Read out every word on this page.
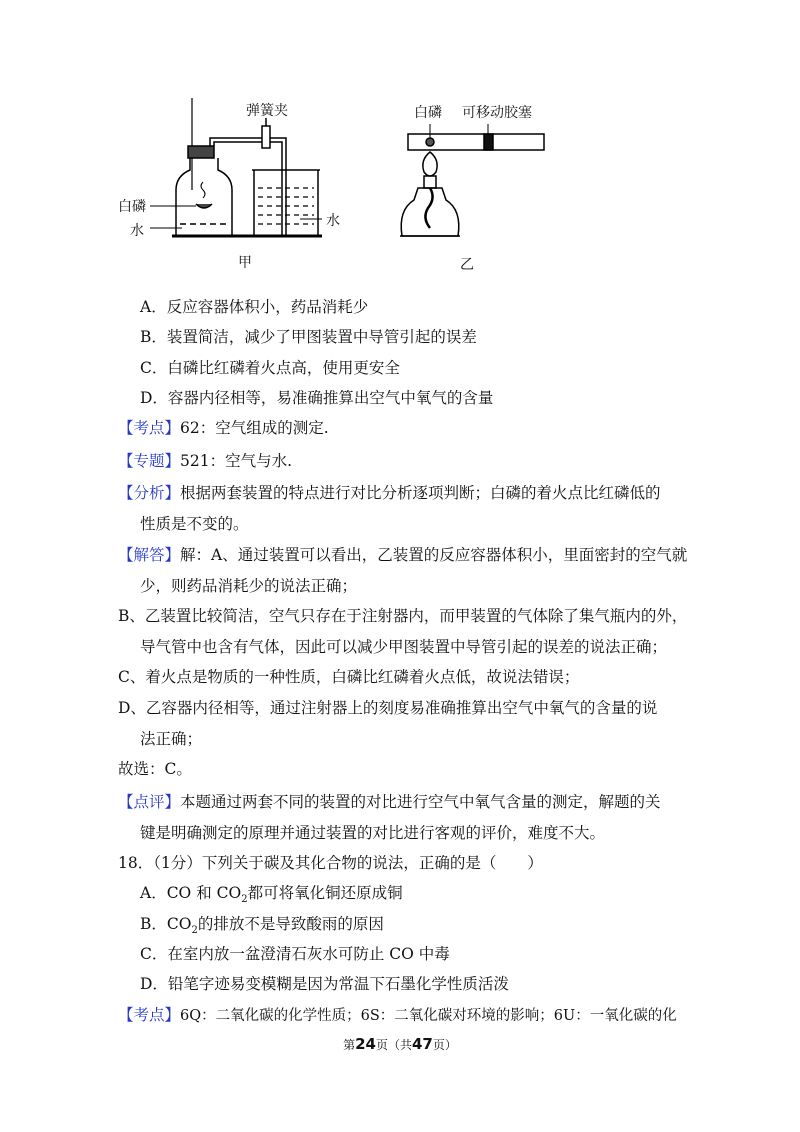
白磷
水
弹簧夹
水
甲
白磷 可移动胶塞
乙
A．反应容器体积小，药品消耗少
B．装置简洁，减少了甲图装置中导管引起的误差
C．白磷比红磷着火点高，使用更安全
D．容器内径相等，易准确推算出空气中氧气的含量
【考点】62：空气组成的测定.
【专题】521：空气与水.
【分析】根据两套装置的特点进行对比分析逐项判断；白磷的着火点比红磷低的
性质是不变的。
【解答】解：A、通过装置可以看出，乙装置的反应容器体积小，里面密封的空气就
少，则药品消耗少的说法正确；
B、乙装置比较简洁，空气只存在于注射器内，而甲装置的气体除了集气瓶内的外，
导气管中也含有气体，因此可以减少甲图装置中导管引起的误差的说法正确；
C、着火点是物质的一种性质，白磷比红磷着火点低，故说法错误；
D、乙容器内径相等，通过注射器上的刻度易准确推算出空气中氧气的含量的说
法正确；
故选：C。
【点评】本题通过两套不同的装置的对比进行空气中氧气含量的测定，解题的关
键是明确测定的原理并通过装置的对比进行客观的评价，难度不大。
18．（1分）下列关于碳及其化合物的说法，正确的是（　　）
A．CO 和 $CO_2$都可将氧化铜还原成铜
B．$CO_2$的排放不是导致酸雨的原因
C．在室内放一盆澄清石灰水可防止 CO 中毒
D．铅笔字迹易变模糊是因为常温下石墨化学性质活泼
【考点】6Q：二氧化碳的化学性质；6S：二氧化碳对环境的影响；6U：一氧化碳的化
第24页（共47页）
